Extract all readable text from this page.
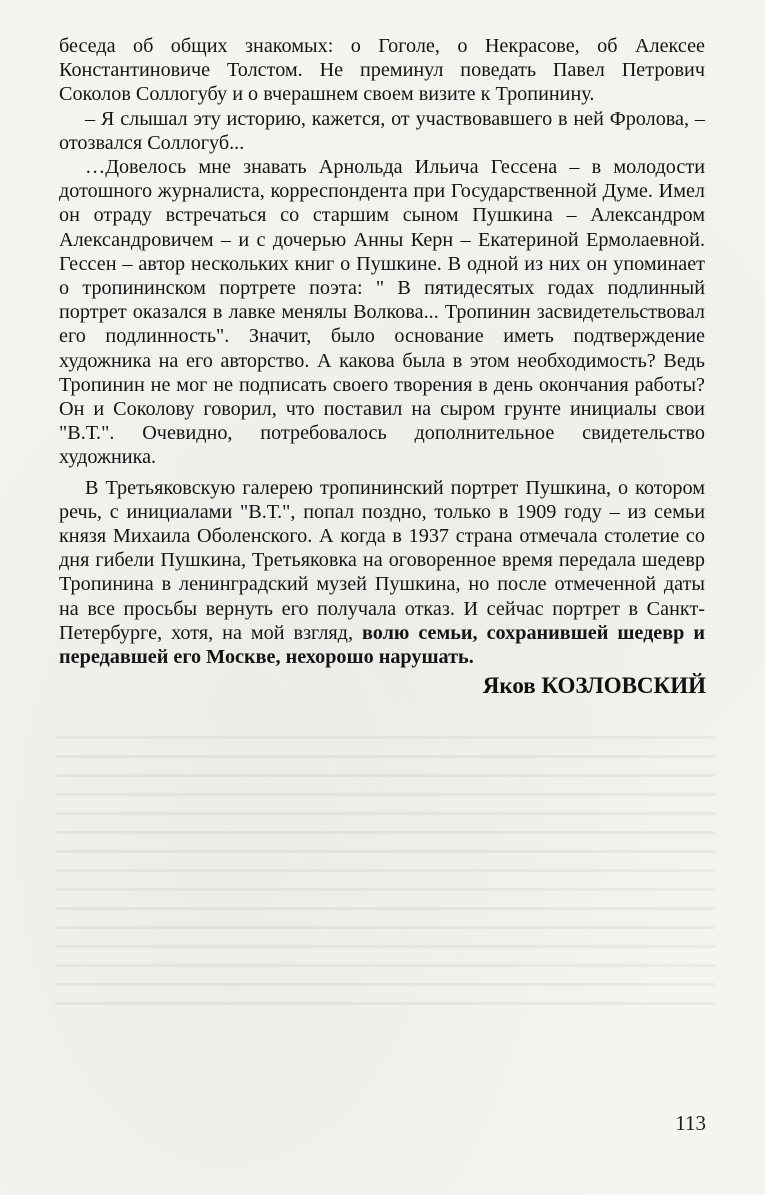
беседа об общих знакомых: о Гоголе, о Некрасове, об Алексее Константиновиче Толстом. Не преминул поведать Павел Петрович Соколов Соллогубу и о вчерашнем своем визите к Тропинину.

– Я слышал эту историю, кажется, от участвовавшего в ней Фролова, – отозвался Соллогуб...

…Довелось мне знавать Арнольда Ильича Гессена – в молодости дотошного журналиста, корреспондента при Государственной Думе. Имел он отраду встречаться со старшим сыном Пушкина – Александром Александровичем – и с дочерью Анны Керн – Екатериной Ермолаевной. Гессен – автор нескольких книг о Пушкине. В одной из них он упоминает о тропининском портрете поэта: " В пятидесятых годах подлинный портрет оказался в лавке менялы Волкова... Тропинин засвидетельствовал его подлинность". Значит, было основание иметь подтверждение художника на его авторство. А какова была в этом необходимость? Ведь Тропинин не мог не подписать своего творения в день окончания работы? Он и Соколову говорил, что поставил на сыром грунте инициалы свои "В.Т.". Очевидно, потребовалось дополнительное свидетельство художника.

В Третьяковскую галерею тропининский портрет Пушкина, о котором речь, с инициалами "В.Т.", попал поздно, только в 1909 году – из семьи князя Михаила Оболенского. А когда в 1937 страна отмечала столетие со дня гибели Пушкина, Третьяковка на оговоренное время передала шедевр Тропинина в ленинградский музей Пушкина, но после отмеченной даты на все просьбы вернуть его получала отказ. И сейчас портрет в Санкт-Петербурге, хотя, на мой взгляд, волю семьи, сохранившей шедевр и передавшей его Москве, нехорошо нарушать.

Яков КОЗЛОВСКИЙ
113
